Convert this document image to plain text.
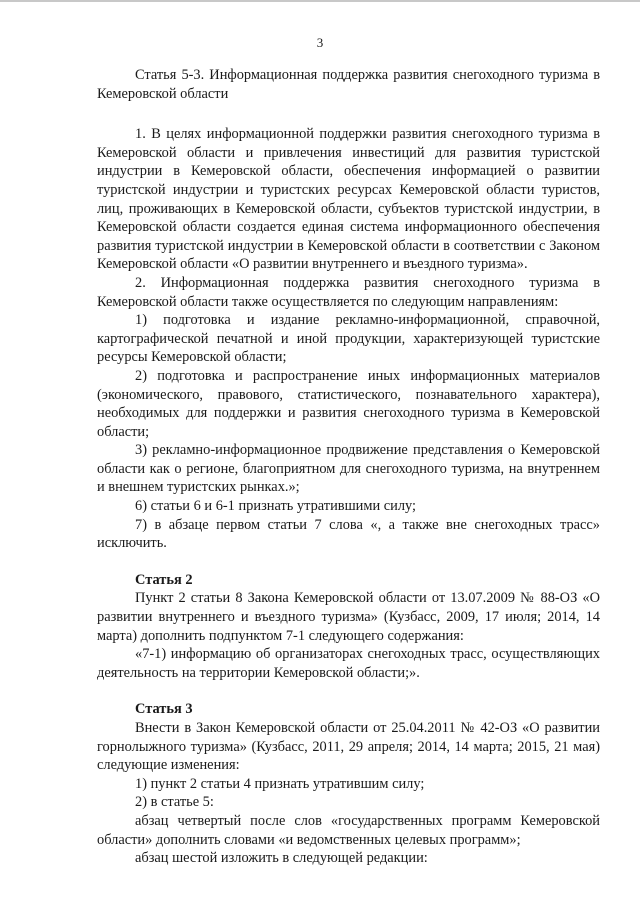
3

Статья 5-3. Информационная поддержка развития снегоходного туризма в Кемеровской области

1. В целях информационной поддержки развития снегоходного туризма в Кемеровской области и привлечения инвестиций для развития туристской индустрии в Кемеровской области, обеспечения информацией о развитии туристской индустрии и туристских ресурсах Кемеровской области туристов, лиц, проживающих в Кемеровской области, субъектов туристской индустрии, в Кемеровской области создается единая система информационного обеспечения развития туристской индустрии в Кемеровской области в соответствии с Законом Кемеровской области «О развитии внутреннего и въездного туризма».

2. Информационная поддержка развития снегоходного туризма в Кемеровской области также осуществляется по следующим направлениям:

1) подготовка и издание рекламно-информационной, справочной, картографической печатной и иной продукции, характеризующей туристские ресурсы Кемеровской области;

2) подготовка и распространение иных информационных материалов (экономического, правового, статистического, познавательного характера), необходимых для поддержки и развития снегоходного туризма в Кемеровской области;

3) рекламно-информационное продвижение представления о Кемеровской области как о регионе, благоприятном для снегоходного туризма, на внутреннем и внешнем туристских рынках.»;

6) статьи 6 и 6-1 признать утратившими силу;

7) в абзаце первом статьи 7 слова «, а также вне снегоходных трасс» исключить.

Статья 2

Пункт 2 статьи 8 Закона Кемеровской области от 13.07.2009 № 88-ОЗ «О развитии внутреннего и въездного туризма» (Кузбасс, 2009, 17 июля; 2014, 14 марта) дополнить подпунктом 7-1 следующего содержания:

«7-1) информацию об организаторах снегоходных трасс, осуществляющих деятельность на территории Кемеровской области;».

Статья 3

Внести в Закон Кемеровской области от 25.04.2011 № 42-ОЗ «О развитии горнолыжного туризма» (Кузбасс, 2011, 29 апреля; 2014, 14 марта; 2015, 21 мая) следующие изменения:

1) пункт 2 статьи 4 признать утратившим силу;

2) в статье 5:

абзац четвертый после слов «государственных программ Кемеровской области» дополнить словами «и ведомственных целевых программ»;

абзац шестой изложить в следующей редакции:
